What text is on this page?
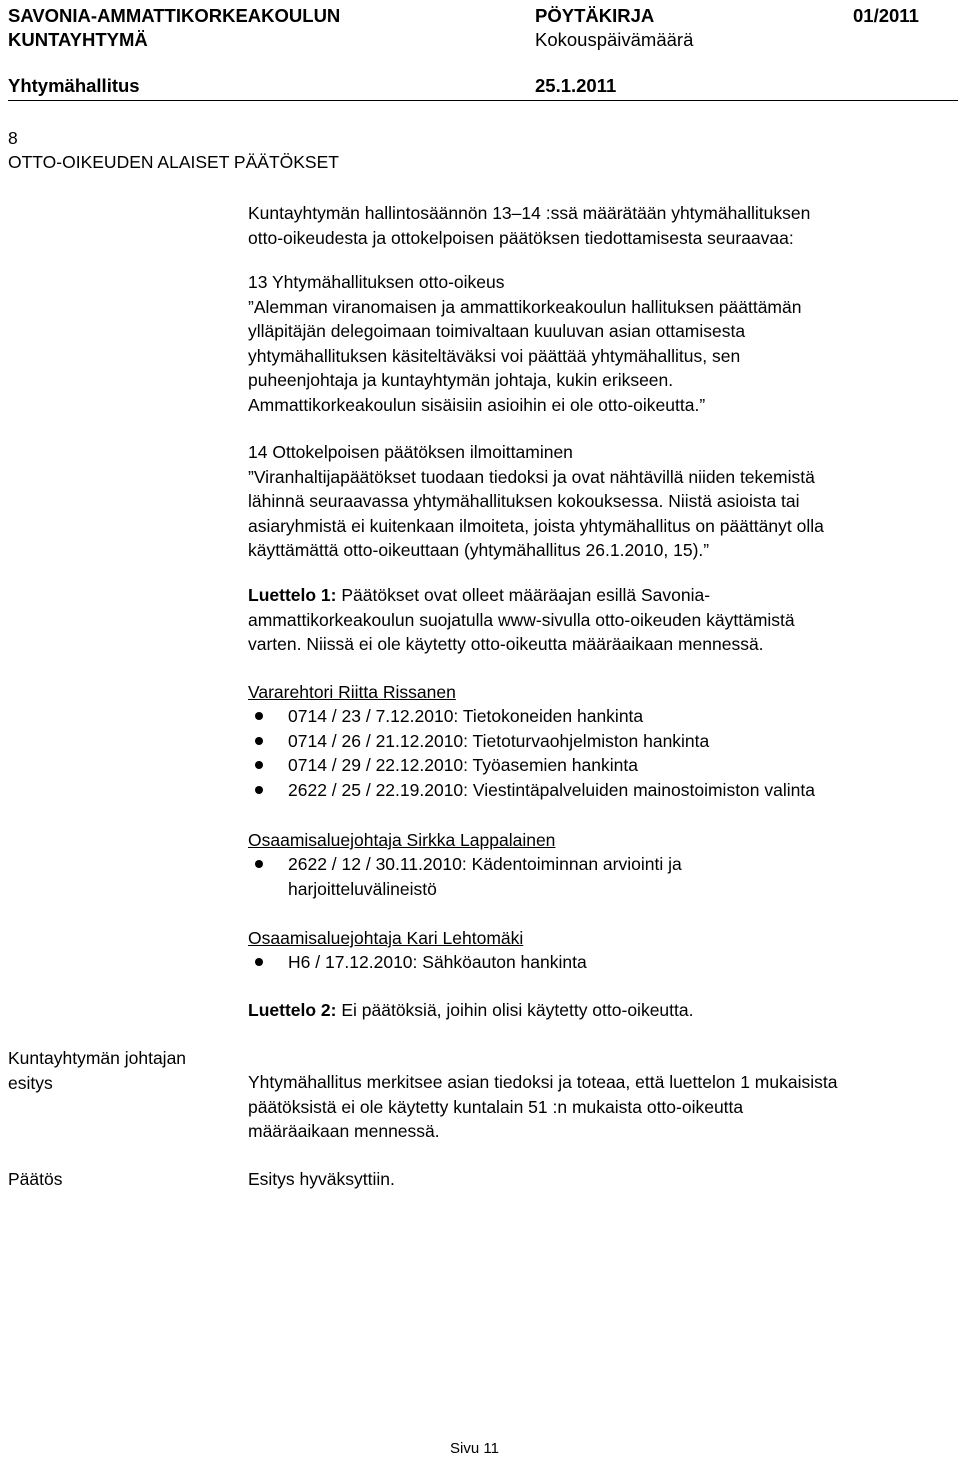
SAVONIA-AMMATTIKORKEAKOULUN
KUNTAYHTYMÄ
PÖYTÄKIRJA	01/2011
Kokouspäivämäärä
Yhtymähallitus	25.1.2011
8
OTTO-OIKEUDEN ALAISET PÄÄTÖKSET
Kuntayhtymän hallintosäännön 13–14 :ssä määrätään yhtymähallituksen
otto-oikeudesta ja ottokelpoisen päätöksen tiedottamisesta seuraavaa:
13 Yhtymähallituksen otto-oikeus
”Alemman viranomaisen ja ammattikorkeakoulun hallituksen päättämän
ylläpitäjän delegoimaan toimivaltaan kuuluvan asian ottamisesta
yhtymähallituksen käsiteltäväksi voi päättää yhtymähallitus, sen
puheenjohtaja ja kuntayhtymän johtaja, kukin erikseen.
Ammattikorkeakoulun sisäisiin asioihin ei ole otto-oikeutta.”
14 Ottokelpoisen päätöksen ilmoittaminen
”Viranhaltijapäätökset tuodaan tiedoksi ja ovat nähtävillä niiden tekemistä
lähinnä seuraavassa yhtymähallituksen kokouksessa. Niistä asioista tai
asiaryhmistä ei kuitenkaan ilmoiteta, joista yhtymähallitus on päättänyt olla
käyttämättä otto-oikeuttaan (yhtymähallitus 26.1.2010, 15).”
Luettelo 1: Päätökset ovat olleet määräajan esillä Savonia-
ammattikorkeakoulun suojatulla www-sivulla otto-oikeuden käyttämistä
varten. Niissä ei ole käytetty otto-oikeutta määräaikaan mennessä.
Vararehtori Riitta Rissanen
0714 / 23 / 7.12.2010: Tietokoneiden hankinta
0714 / 26 / 21.12.2010: Tietoturvaohjelmiston hankinta
0714 / 29 / 22.12.2010: Työasemien hankinta
2622 / 25 / 22.19.2010: Viestintäpalveluiden mainostoimiston valinta
Osaamisaluejohtaja Sirkka Lappalainen
2622 / 12 / 30.11.2010: Kädentoiminnan arviointi ja
harjoitteluvälineistö
Osaamisaluejohtaja Kari Lehtomäki
H6 / 17.12.2010: Sähköauton hankinta
Luettelo 2: Ei päätöksiä, joihin olisi käytetty otto-oikeutta.
Kuntayhtymän johtajan
esitys	Yhtymähallitus merkitsee asian tiedoksi ja toteaa, että luettelon 1 mukaisista
päätöksistä ei ole käytetty kuntalain 51 :n mukaista otto-oikeutta
määräaikaan mennessä.
Päätös	Esitys hyväksyttiin.
Sivu 11
